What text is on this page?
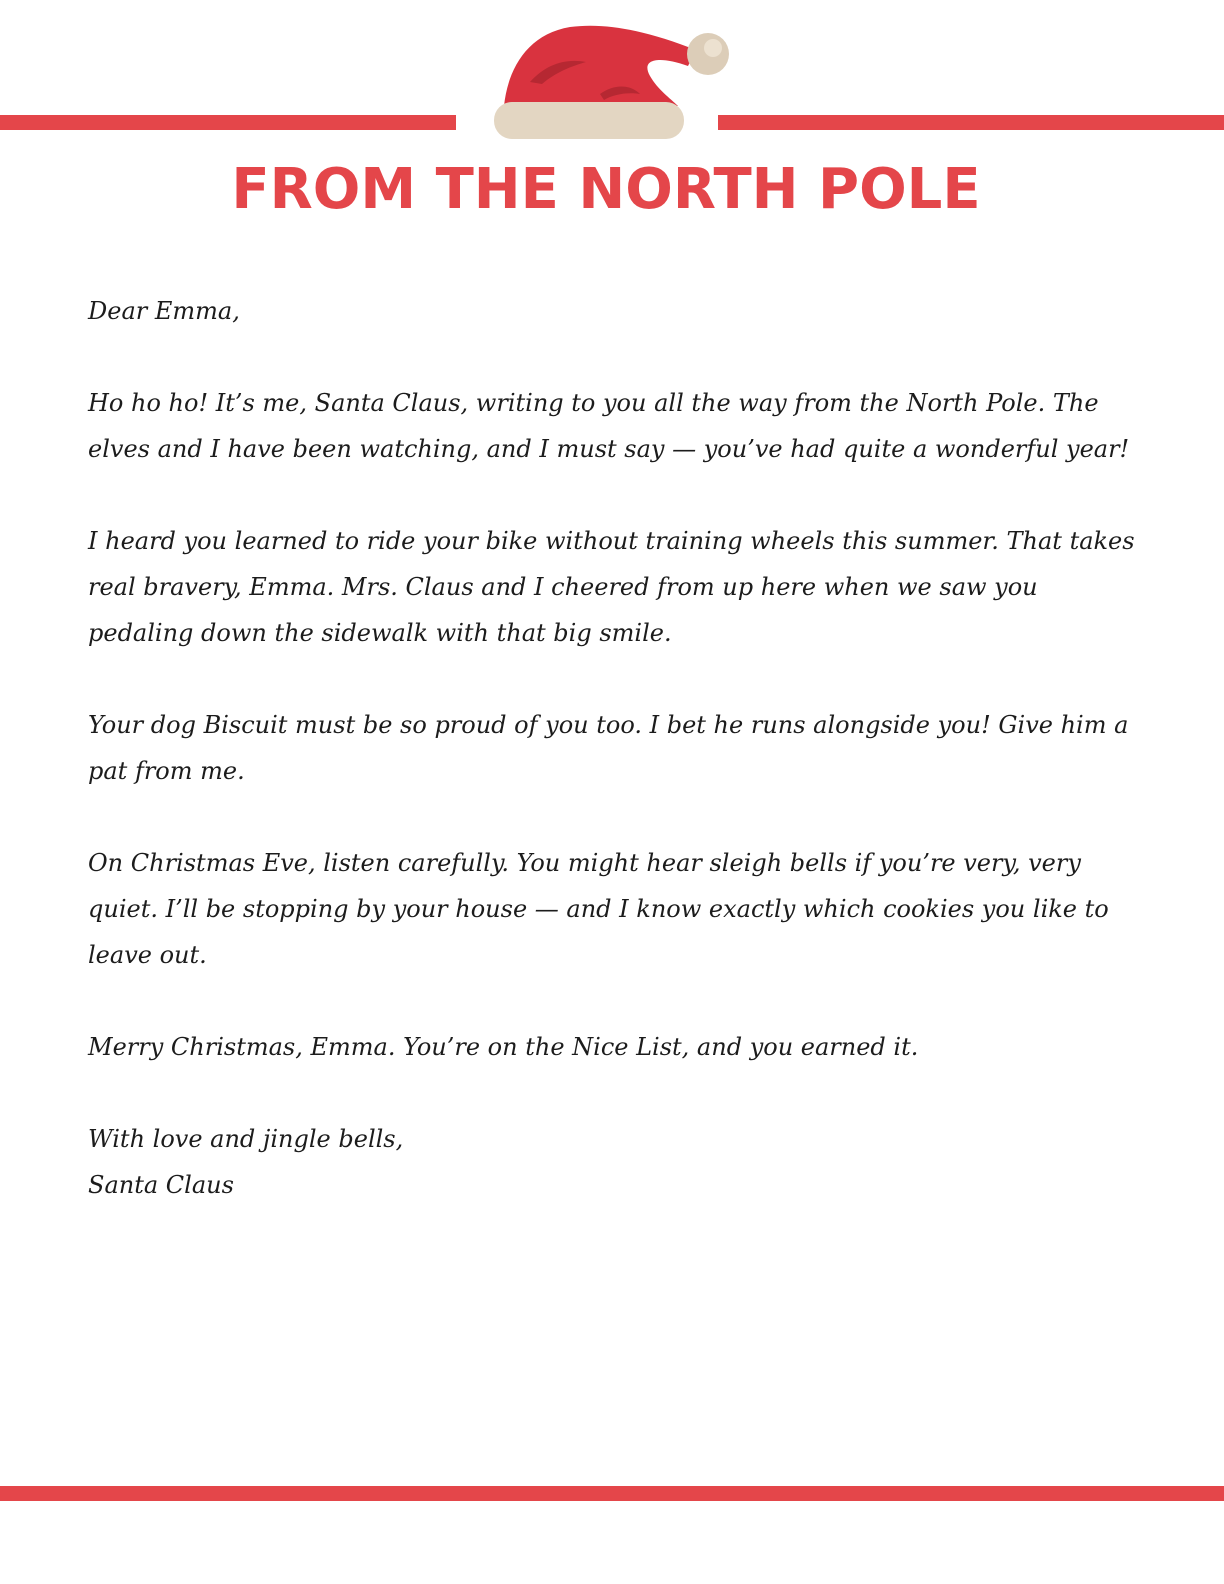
FROM THE NORTH POLE

Dear Emma,

Ho ho ho! It’s me, Santa Claus, writing to you all the way from the North Pole. The elves and I have been watching, and I must say — you’ve had quite a wonderful year!

I heard you learned to ride your bike without training wheels this summer. That takes real bravery, Emma. Mrs. Claus and I cheered from up here when we saw you pedaling down the sidewalk with that big smile.

Your dog Biscuit must be so proud of you too. I bet he runs alongside you! Give him a pat from me.

On Christmas Eve, listen carefully. You might hear sleigh bells if you’re very, very quiet. I’ll be stopping by your house — and I know exactly which cookies you like to leave out.

Merry Christmas, Emma. You’re on the Nice List, and you earned it.

With love and jingle bells,

Santa Claus
